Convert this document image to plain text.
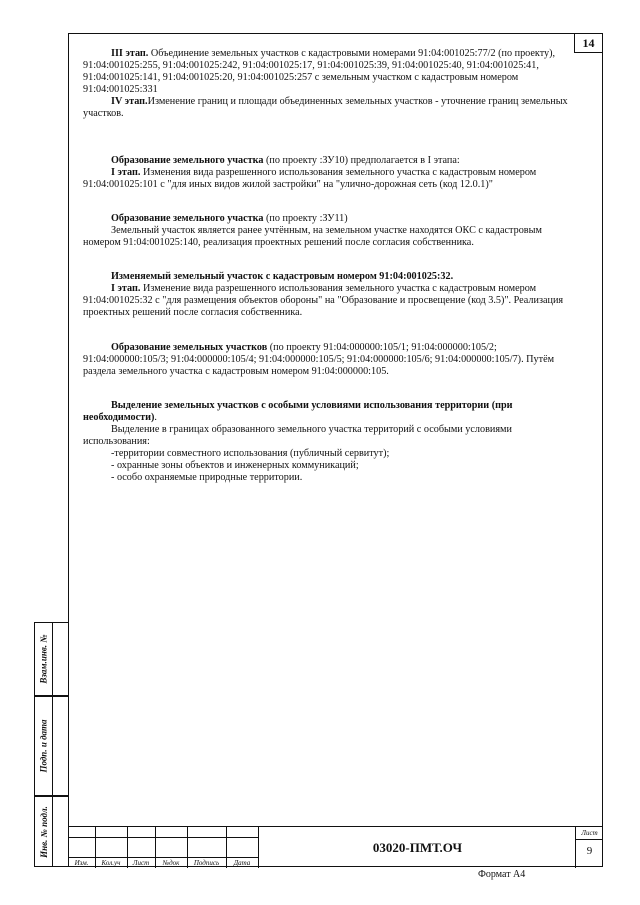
14

III этап. Объединение земельных участков с кадастровыми номерами 91:04:001025:77/2 (по проекту), 91:04:001025:255, 91:04:001025:242, 91:04:001025:17, 91:04:001025:39, 91:04:001025:40, 91:04:001025:41, 91:04:001025:141, 91:04:001025:20, 91:04:001025:257 с земельным участком с кадастровым номером 91:04:001025:331

IV этап.Изменение границ и площади объединенных земельных участков - уточнение границ земельных участков.

Образование земельного участка (по проекту :ЗУ10) предполагается в I этапа:

I этап. Изменения вида разрешенного использования земельного участка с кадастровым номером 91:04:001025:101 с "для иных видов жилой застройки" на "улично-дорожная сеть (код 12.0.1)"

Образование земельного участка (по проекту :ЗУ11)

Земельный участок является ранее учтённым, на земельном участке находятся ОКС с кадастровым номером 91:04:001025:140, реализация проектных решений после согласия собственника.

Изменяемый земельный участок с кадастровым номером 91:04:001025:32.

I этап. Изменение вида разрешенного использования земельного участка с кадастровым номером 91:04:001025:32 с "для размещения объектов обороны" на "Образование и просвещение (код 3.5)". Реализация проектных решений после согласия собственника.

Образование земельных участков (по проекту 91:04:000000:105/1; 91:04:000000:105/2; 91:04:000000:105/3; 91:04:000000:105/4; 91:04:000000:105/5; 91:04:000000:105/6; 91:04:000000:105/7). Путём раздела земельного участка с кадастровым номером 91:04:000000:105.

Выделение земельных участков с особыми условиями использования территории (при необходимости).

Выделение в границах образованного земельного участка территорий с особыми условиями использования:

-территории совместного использования (публичный сервитут);

- охранные зоны объектов и инженерных коммуникаций;

- особо охраняемые природные территории.

Взам.инв. №
Подп. и дата
Инв. № подл.
Изм.	Кол.уч	Лист	№док	Подпись	Дата
03020-ПМТ.ОЧ
Лист
9
Формат А4
